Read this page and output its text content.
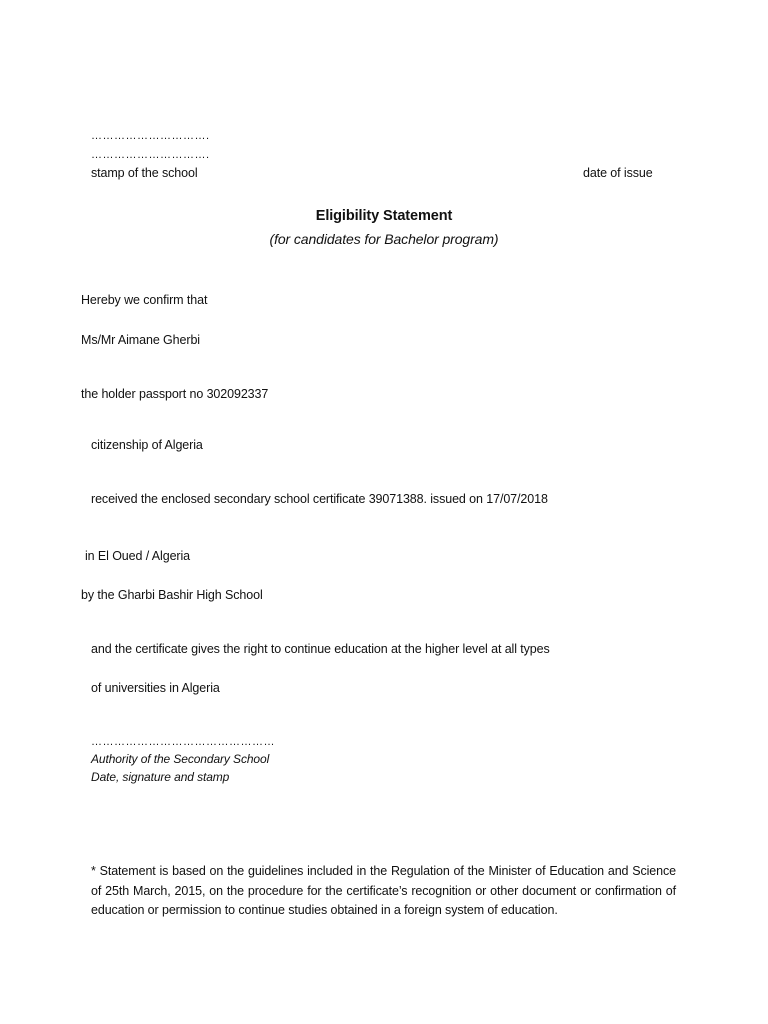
………………………….
………………………….
stamp of the school	date of issue
Eligibility Statement
(for candidates for Bachelor program)
Hereby we confirm that
Ms/Mr Aimane Gherbi
the holder passport no 302092337
citizenship of Algeria
received the enclosed secondary school certificate 39071388. issued on 17/07/2018
in El Oued / Algeria
by the Gharbi Bashir High School
and the certificate gives the right to continue education at the higher level at all types
of universities in Algeria
…………………………………………
Authority of the Secondary School
Date, signature and stamp
* Statement is based on the guidelines included in the Regulation of the Minister of Education and Science of 25th March, 2015, on the procedure for the certificate’s recognition or other document or confirmation of education or permission to continue studies obtained in a foreign system of education.
